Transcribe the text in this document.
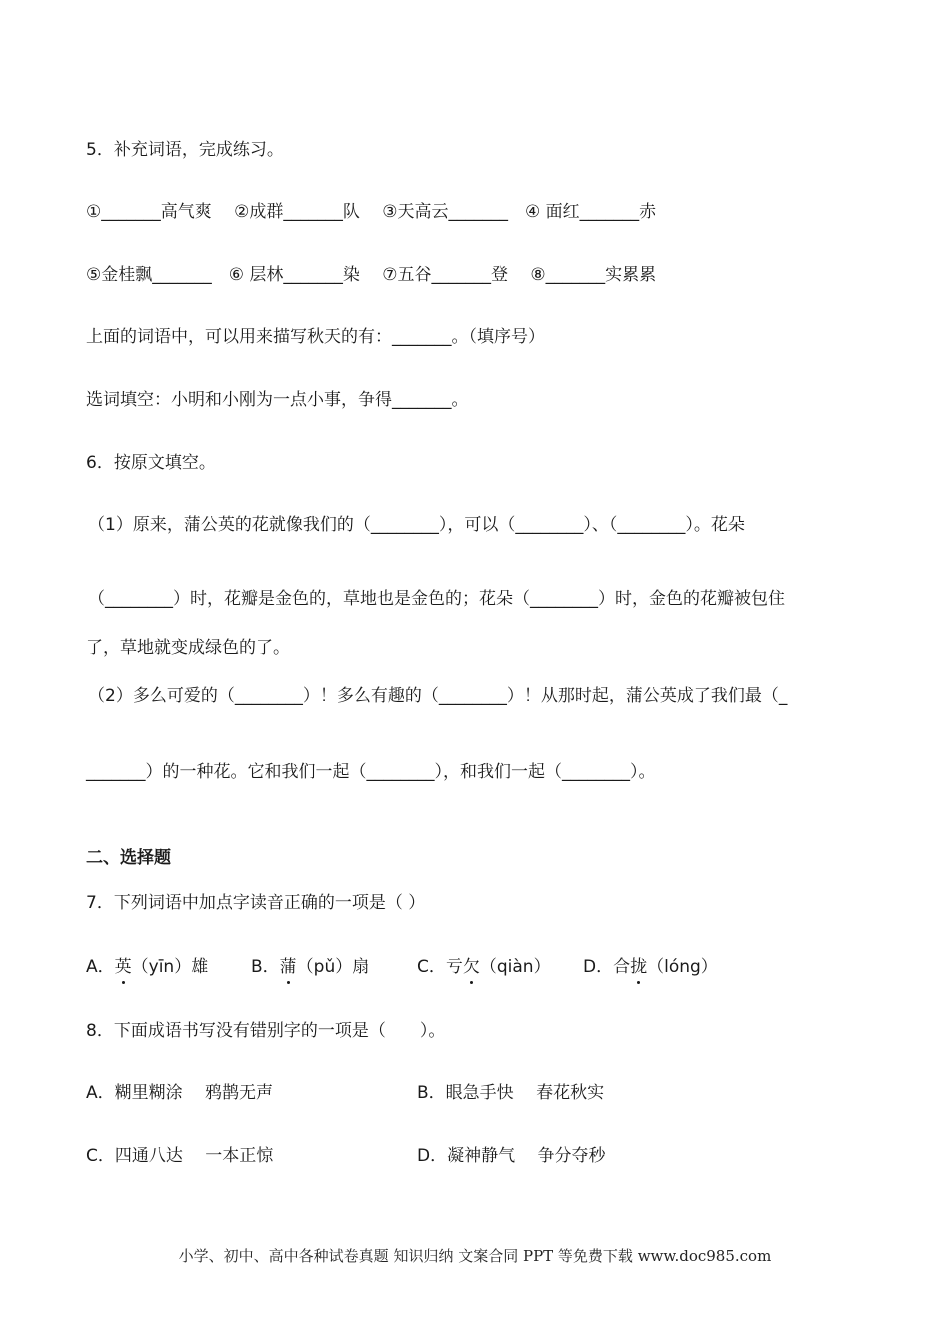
5．补充词语，完成练习。
①_______高气爽　 ②成群_______队　 ③天高云_______　④ 面红_______赤
⑤金桂飘_______　⑥ 层林_______染　 ⑦五谷_______登　 ⑧_______实累累
上面的词语中，可以用来描写秋天的有：_______。（填序号）
选词填空：小明和小刚为一点小事，争得_______。
6．按原文填空。
（1）原来，蒲公英的花就像我们的（________），可以（________）、（________）。花朵
（________）时，花瓣是金色的，草地也是金色的；花朵（________）时，金色的花瓣被包住
了，草地就变成绿色的了。
（2）多么可爱的（________）！多么有趣的（________）！从那时起，蒲公英成了我们最（_
_______）的一种花。它和我们一起（________），和我们一起（________）。
二、选择题
7．下列词语中加点字读音正确的一项是（ ）
A．英（yīn）雄	B．蒲（pǔ）扇	C．亏欠（qiàn） D．合拢（lóng）
8．下面成语书写没有错别字的一项是（　　）。
A．糊里糊涂　 鸦鹊无声	B．眼急手快　 春花秋实
C．四通八达　 一本正惊	D．凝神静气　 争分夺秒
小学、初中、高中各种试卷真题 知识归纳 文案合同 PPT 等免费下载 www.doc985.com
